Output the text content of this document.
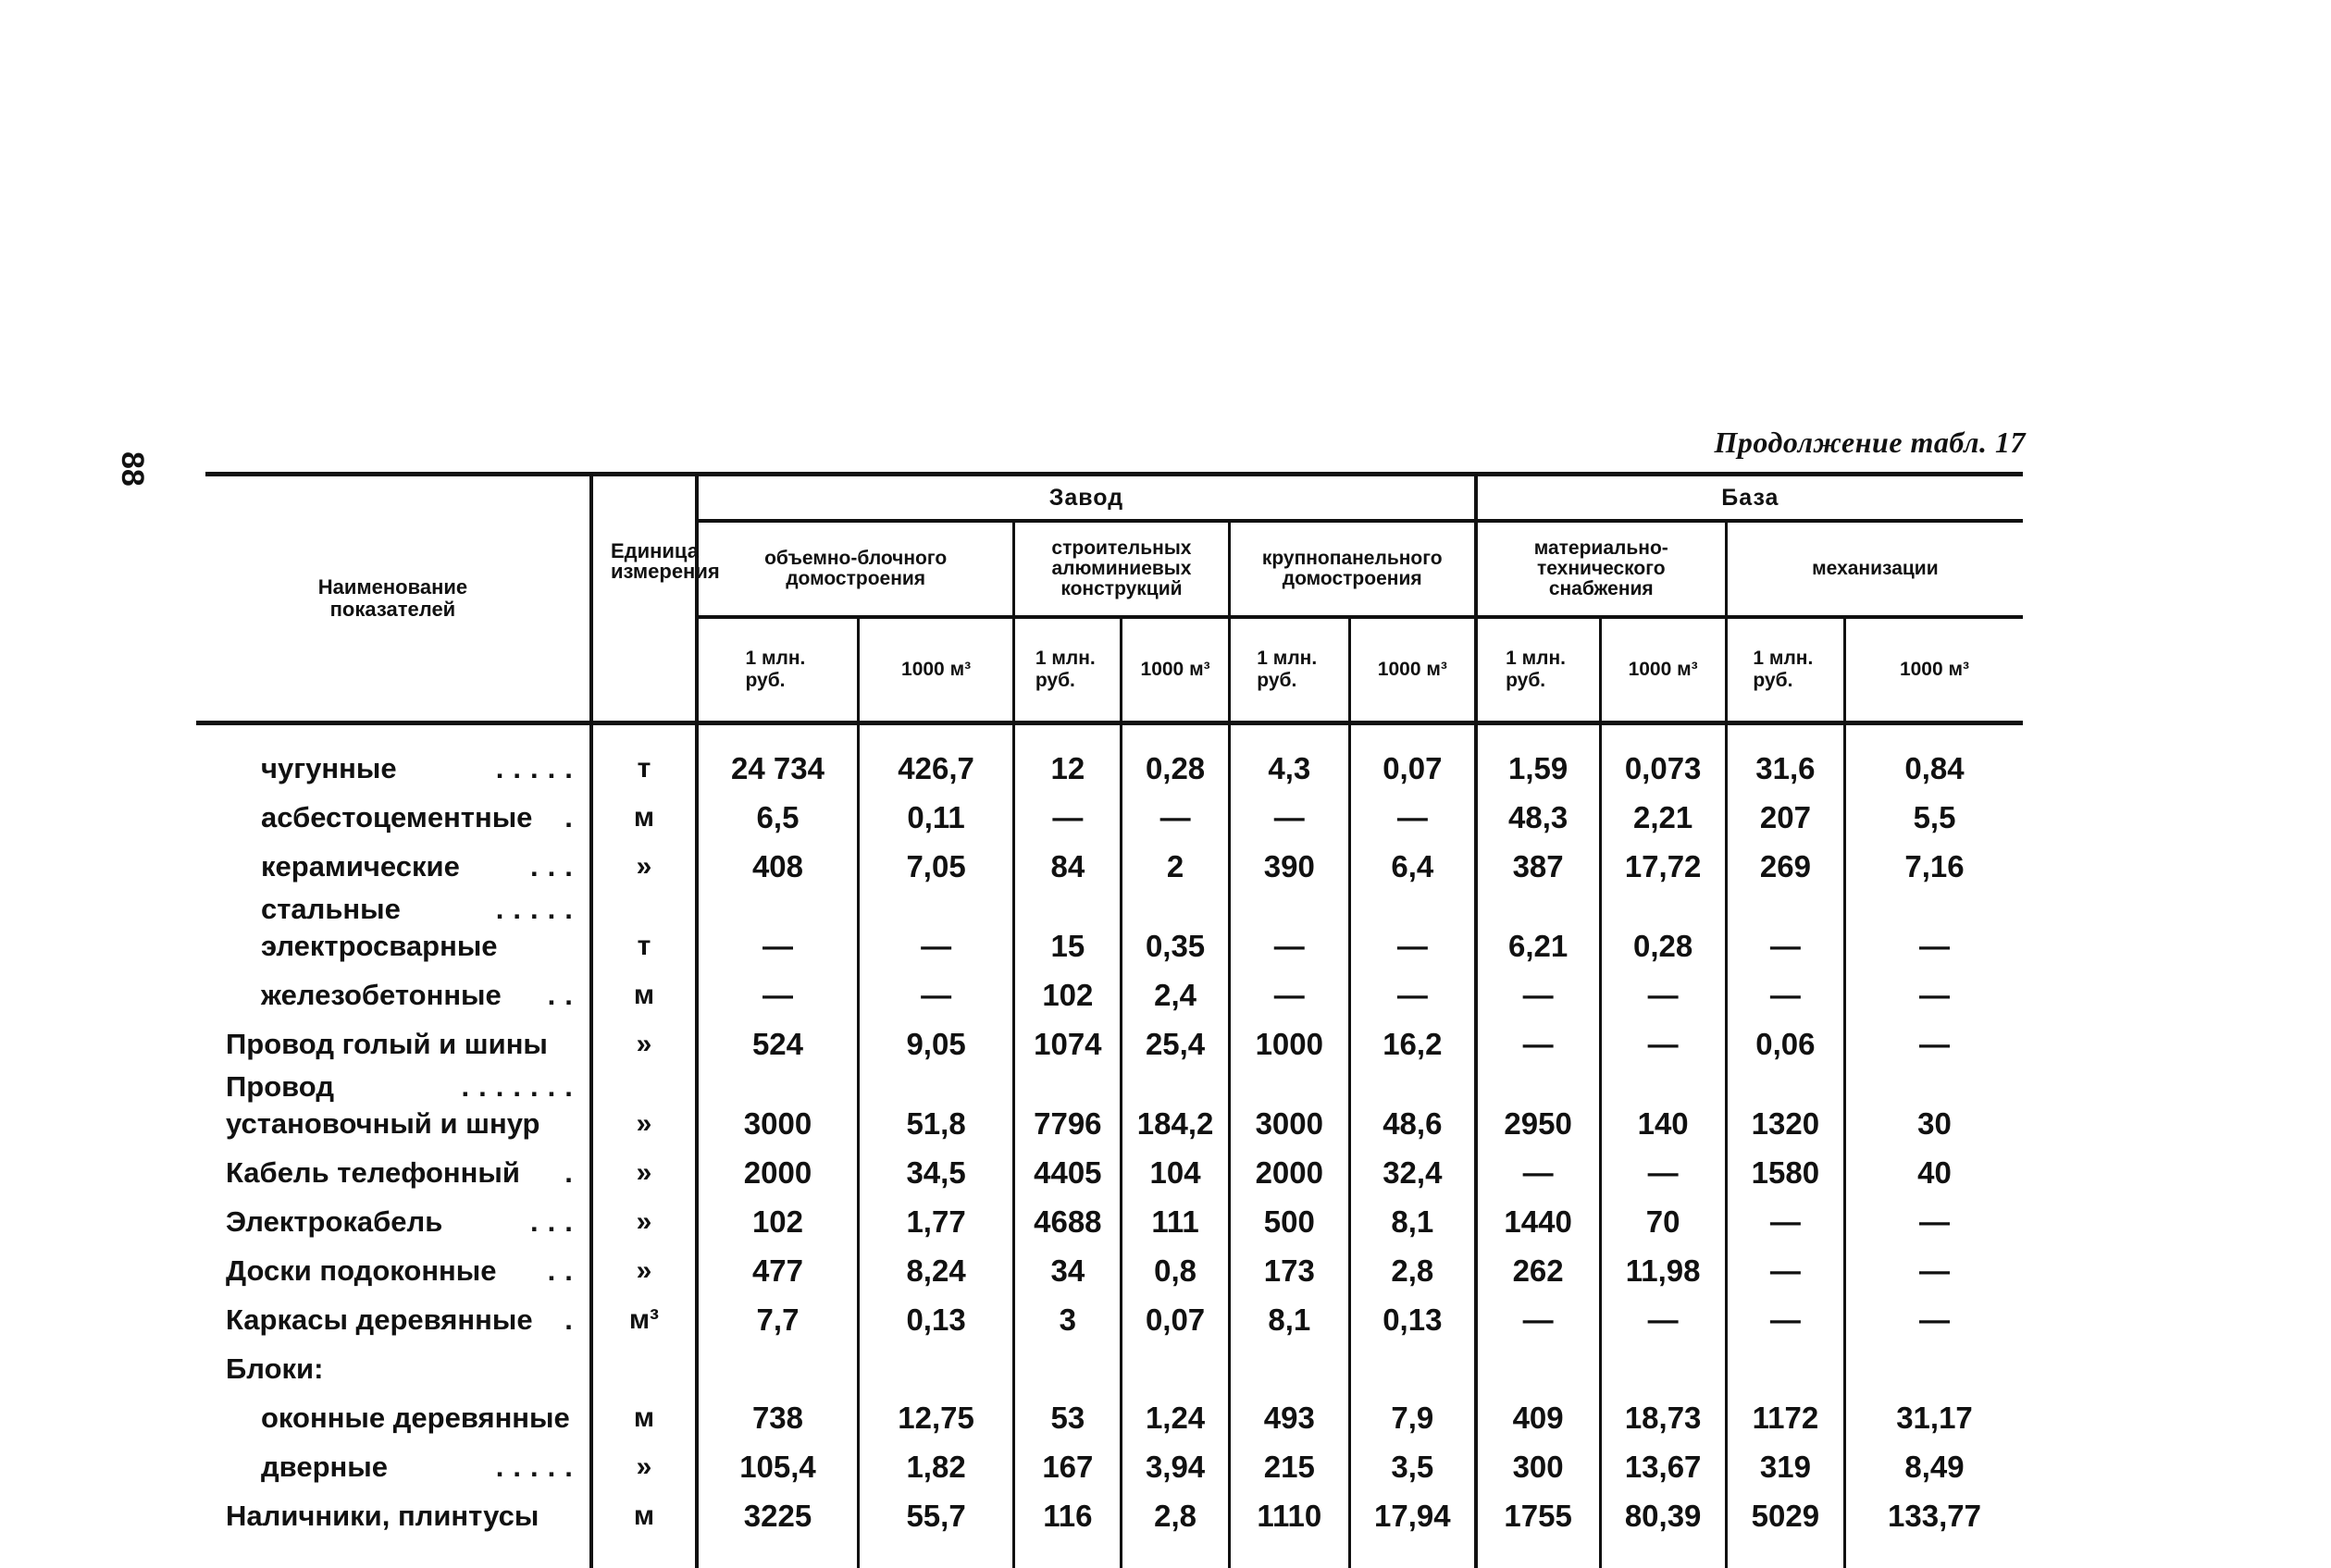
88
Продолжение табл. 17
Наименование показателей	Единица измерения	Завод						База			

		объемно-блочного домостроения		строительных алюминиевых конструкций		крупнопанельного домостроения		материально-технического снабжения		механизации	

		1 млн. руб.	1000 м³	1 млн. руб.	1000 м³	1 млн. руб.	1000 м³	1 млн. руб.	1000 м³	1 млн. руб.	1000 м³

.....
чугунные	т	24 734	426,7	12	0,28	4,3	0,07	1,59	0,073	31,6	0,84

.
асбестоцементные	м	6,5	0,11	—	—	—	—	48,3	2,21	207	5,5

...
керамические	»	408	7,05	84	2	390	6,4	387	17,72	269	7,16

.....
стальные электросварные	т	—	—	15	0,35	—	—	6,21	0,28	—	—

..
железобетонные	м	—	—	102	2,4	—	—	—	—	—	—
Провод голый и шины	»	524	9,05	1074	25,4	1000	16,2	—	—	0,06	—

.......
Провод установочный и шнур	»	3000	51,8	7796	184,2	3000	48,6	2950	140	1320	30

.
Кабель телефонный	»	2000	34,5	4405	104	2000	32,4	—	—	1580	40

...
Электрокабель	»	102	1,77	4688	111	500	8,1	1440	70	—	—

..
Доски подоконные	»	477	8,24	34	0,8	173	2,8	262	11,98	—	—

.
Каркасы деревянные	м³	7,7	0,13	3	0,07	8,1	0,13	—	—	—	—
Блоки:											
оконные деревянные	м	738	12,75	53	1,24	493	7,9	409	18,73	1172	31,17

.....
дверные	»	105,4	1,82	167	3,94	215	3,5	300	13,67	319	8,49
Наличники, плинтусы	м	3225	55,7	116	2,8	1110	17,94	1755	80,39	5029	133,77
